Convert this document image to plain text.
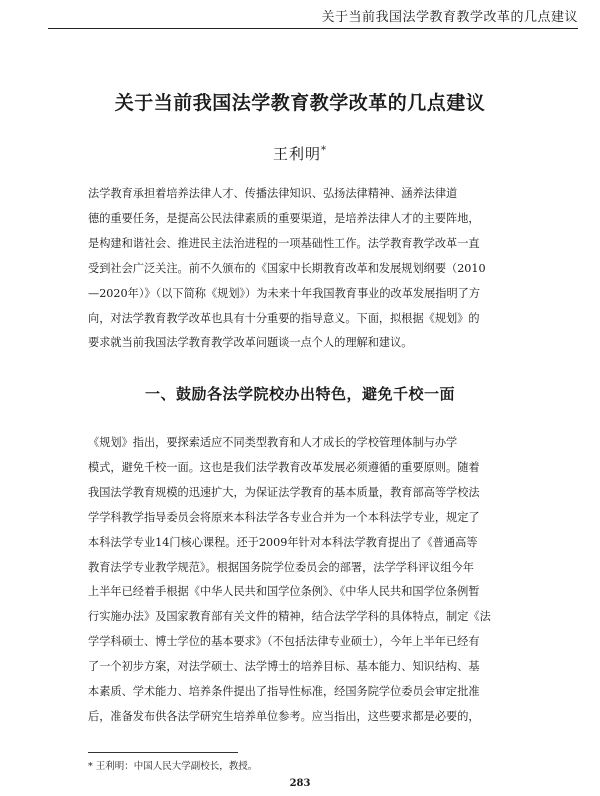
关于当前我国法学教育教学改革的几点建议
关于当前我国法学教育教学改革的几点建议
王利明*
法学教育承担着培养法律人才、传播法律知识、弘扬法律精神、涵养法律道
德的重要任务，是提高公民法律素质的重要渠道，是培养法律人才的主要阵地，
是构建和谐社会、推进民主法治进程的一项基础性工作。法学教育教学改革一直
受到社会广泛关注。前不久颁布的《国家中长期教育改革和发展规划纲要（2010
—2020年）》（以下简称《规划》）为未来十年我国教育事业的改革发展指明了方
向，对法学教育教学改革也具有十分重要的指导意义。下面，拟根据《规划》的
要求就当前我国法学教育教学改革问题谈一点个人的理解和建议。
一、鼓励各法学院校办出特色，避免千校一面
《规划》指出，要探索适应不同类型教育和人才成长的学校管理体制与办学
模式，避免千校一面。这也是我们法学教育改革发展必须遵循的重要原则。随着
我国法学教育规模的迅速扩大，为保证法学教育的基本质量，教育部高等学校法
学学科教学指导委员会将原来本科法学各专业合并为一个本科法学专业，规定了
本科法学专业14门核心课程。还于2009年针对本科法学教育提出了《普通高等
教育法学专业教学规范》。根据国务院学位委员会的部署，法学学科评议组今年
上半年已经着手根据《中华人民共和国学位条例》、《中华人民共和国学位条例暂
行实施办法》及国家教育部有关文件的精神，结合法学学科的具体特点，制定《法
学学科硕士、博士学位的基本要求》（不包括法律专业硕士），今年上半年已经有
了一个初步方案，对法学硕士、法学博士的培养目标、基本能力、知识结构、基
本素质、学术能力、培养条件提出了指导性标准，经国务院学位委员会审定批准
后，准备发布供各法学研究生培养单位参考。应当指出，这些要求都是必要的，
* 王利明：中国人民大学副校长，教授。
283
